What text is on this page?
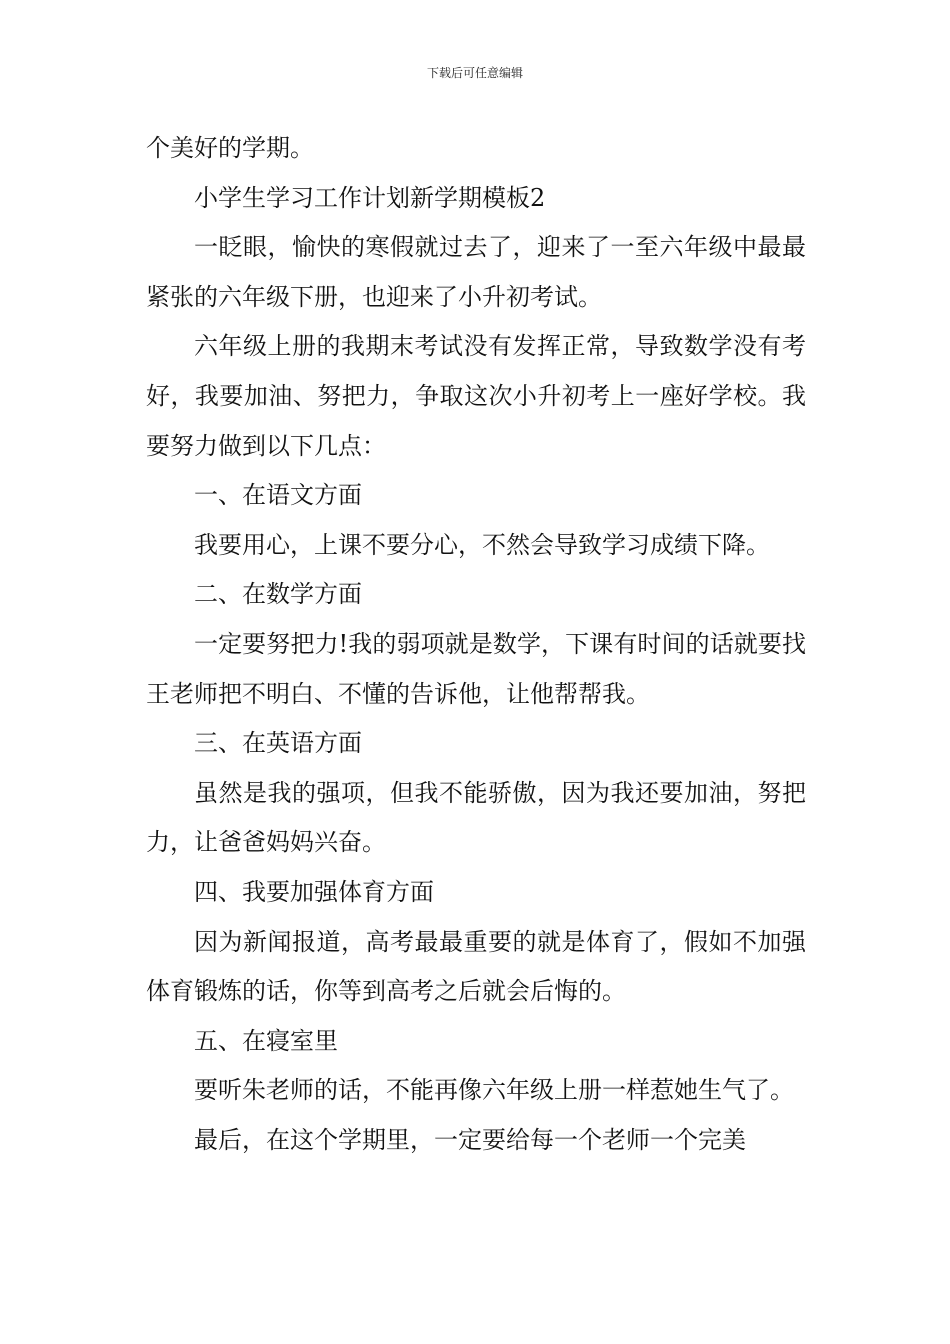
下载后可任意编辑

个美好的学期。

小学生学习工作计划新学期模板2

一眨眼，愉快的寒假就过去了，迎来了一至六年级中最最紧张的六年级下册，也迎来了小升初考试。

六年级上册的我期末考试没有发挥正常，导致数学没有考好，我要加油、努把力，争取这次小升初考上一座好学校。我要努力做到以下几点：

一、在语文方面

我要用心，上课不要分心，不然会导致学习成绩下降。

二、在数学方面

一定要努把力!我的弱项就是数学，下课有时间的话就要找王老师把不明白、不懂的告诉他，让他帮帮我。

三、在英语方面

虽然是我的强项，但我不能骄傲，因为我还要加油，努把力，让爸爸妈妈兴奋。

四、我要加强体育方面

因为新闻报道，高考最最重要的就是体育了，假如不加强体育锻炼的话，你等到高考之后就会后悔的。

五、在寝室里

要听朱老师的话，不能再像六年级上册一样惹她生气了。

最后，在这个学期里，一定要给每一个老师一个完美
